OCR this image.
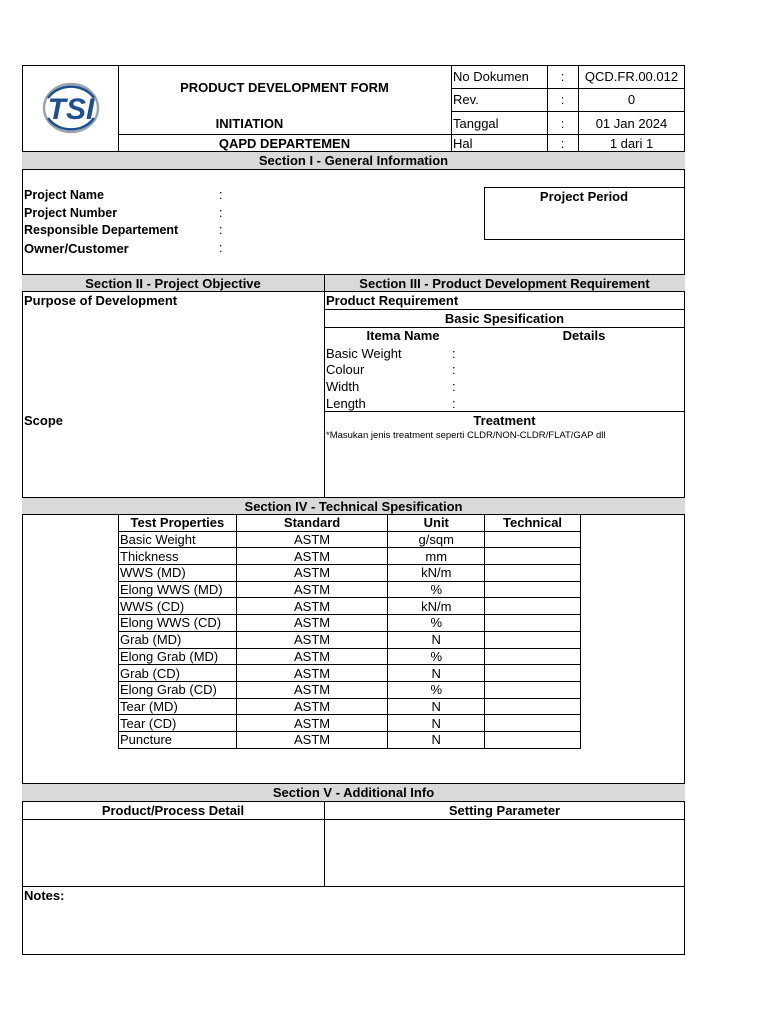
TSI
PRODUCT DEVELOPMENT FORM
INITIATION
QAPD DEPARTEMEN
No Dokumen	:	QCD.FR.00.012
Rev.	:	0
Tanggal	:	01 Jan 2024
Hal	:	1 dari 1
Section I - General Information
Project Name	:
Project Number	:
Responsible Departement	:
Owner/Customer	:
Project Period
Section II - Project Objective	Section III - Product Development Requirement
Purpose of Development
Scope
Product Requirement
Basic Spesification
Itema Name	Details
Basic Weight	:
Colour	:
Width	:
Length	:
Treatment
*Masukan jenis treatment seperti CLDR/NON-CLDR/FLAT/GAP dll
Section IV - Technical Spesification
Test Properties	Standard	Unit	Technical
Basic Weight	ASTM	g/sqm	
Thickness	ASTM	mm	
WWS (MD)	ASTM	kN/m	
Elong WWS (MD)	ASTM	%	
WWS (CD)	ASTM	kN/m	
Elong WWS (CD)	ASTM	%	
Grab (MD)	ASTM	N	
Elong Grab (MD)	ASTM	%	
Grab (CD)	ASTM	N	
Elong Grab (CD)	ASTM	%	
Tear (MD)	ASTM	N	
Tear (CD)	ASTM	N	
Puncture	ASTM	N	
Section V - Additional Info
Product/Process Detail	Setting Parameter
Notes:
